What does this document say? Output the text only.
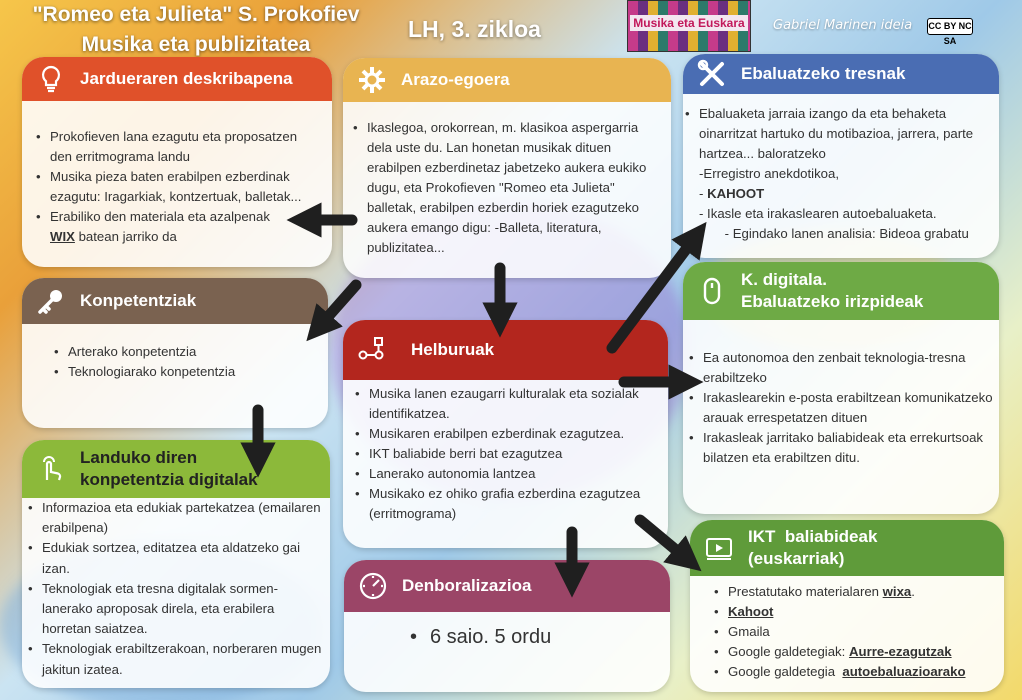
"Romeo eta Julieta" S. Prokofiev
Musika eta publizitatea
LH, 3. zikloa	Musika eta Euskara Gabriel Marinen ideia CC BY NC SA
Jardueraren deskribapena
• Prokofieven lana ezagutu eta proposatzen den erritmograma landu
• Musika pieza baten erabilpen ezberdinak ezagutu: Iragarkiak, kontzertuak, balletak...
• Erabiliko den materiala eta azalpenak
WIX batean jarriko da
Arazo-egoera
• Ikaslegoa, orokorrean, m. klasikoa aspergarria dela uste du. Lan honetan musikak dituen erabilpen ezberdinetaz jabetzeko aukera eukiko dugu, eta Prokofieven "Romeo eta Julieta" balletak, erabilpen ezberdin horiek ezagutzeko aukera emango digu: -Balleta, literatura, publizitatea...
Ebaluatzeko tresnak
• Ebaluaketa jarraia izango da eta behaketa oinarritzat hartuko du motibazioa, jarrera, parte hartzea... baloratzeko
-Erregistro anekdotikoa,
- KAHOOT
- Ikasle eta irakaslearen autoebaluaketa.
- Egindako lanen analisia: Bideoa grabatu
Konpetentziak
• Arterako konpetentzia
• Teknologiarako konpetentzia
Helburuak
• Musika lanen ezaugarri kulturalak eta sozialak identifikatzea.
• Musikaren erabilpen ezberdinak ezagutzea.
• IKT baliabide berri bat ezagutzea
• Lanerako autonomia lantzea
• Musikako ez ohiko grafia ezberdina ezagutzea (erritmograma)
K. digitala.
Ebaluatzeko irizpideak
• Ea autonomoa den zenbait teknologia-tresna erabiltzeko
• Irakaslearekin e-posta erabiltzean komunikatzeko arauak errespetatzen dituen
• Irakasleak jarritako baliabideak eta errekurtsoak bilatzen eta erabiltzen ditu.
Landuko diren
konpetentzia digitalak
• Informazioa eta edukiak partekatzea (emailaren erabilpena)
• Edukiak sortzea, editatzea eta aldatzeko gai izan.
• Teknologiak eta tresna digitalak sormen-lanerako aproposak direla, eta erabilera horretan saiatzea.
• Teknologiak erabiltzerakoan, norberaren mugen jakitun izatea.
Denboralizazioa
• 6 saio. 5 ordu
IKT  baliabideak
(euskarriak)
• Prestatutako materialaren wixa.
• Kahoot
• Gmaila
• Google galdetegiak: Aurre-ezagutzak
• Google galdetegia  autoebaluazioarako
